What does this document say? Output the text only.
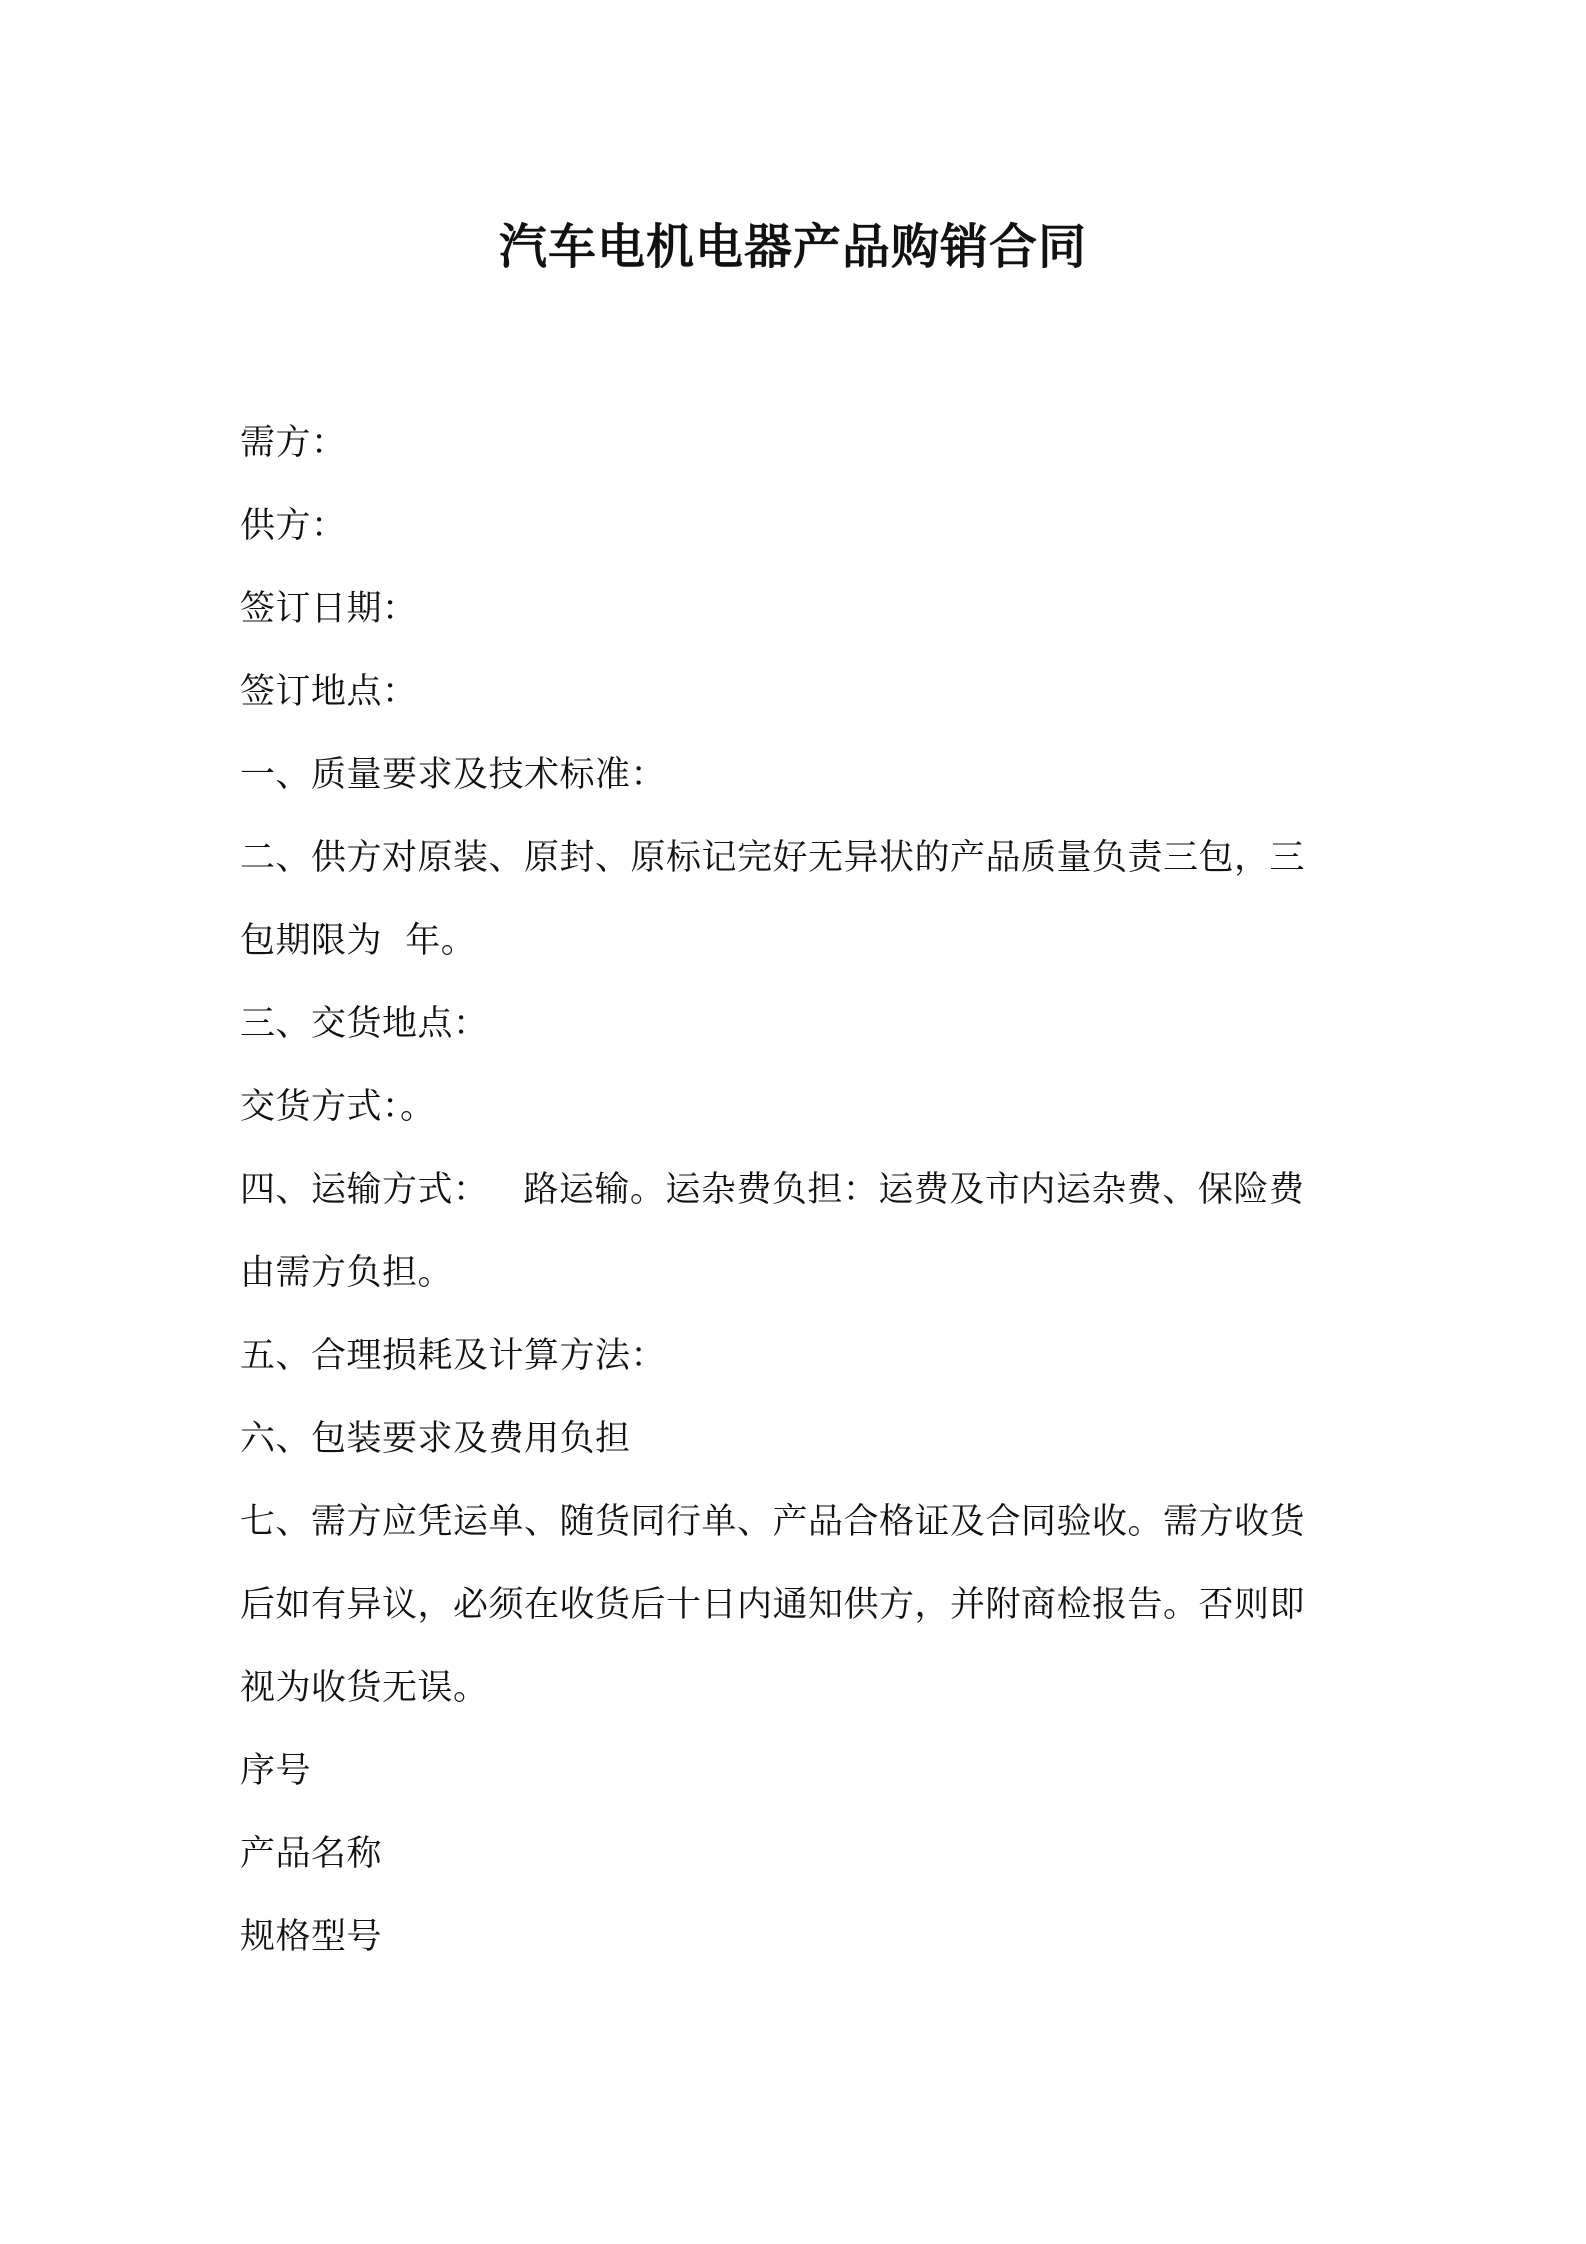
汽车电机电器产品购销合同

需方：

供方：

签订日期：

签订地点：

一、质量要求及技术标准：

二、供方对原装、原封、原标记完好无异状的产品质量负责三包，三

包期限为  年。

三、交货地点：

交货方式：。

四、运输方式：   路运输。运杂费负担：运费及市内运杂费、保险费

由需方负担。

五、合理损耗及计算方法：

六、包装要求及费用负担

七、需方应凭运单、随货同行单、产品合格证及合同验收。需方收货

后如有异议，必须在收货后十日内通知供方，并附商检报告。否则即

视为收货无误。

序号

产品名称

规格型号
